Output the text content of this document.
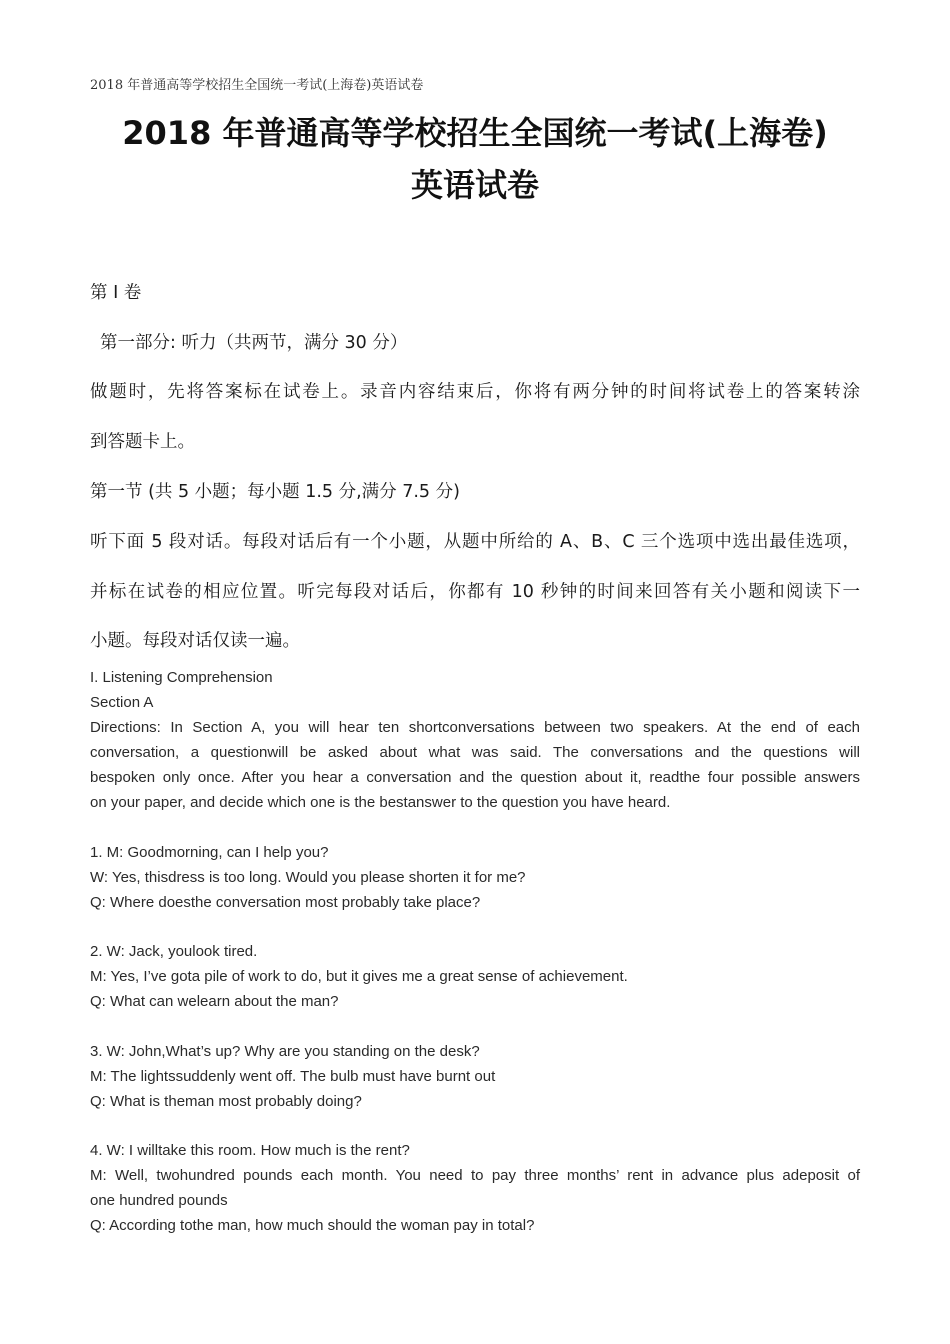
2018 年普通高等学校招生全国统一考试(上海卷)英语试卷
2018 年普通高等学校招生全国统一考试(上海卷)
英语试卷
第 I 卷
第一部分: 听力（共两节，满分 30 分）
做题时，先将答案标在试卷上。录音内容结束后，你将有两分钟的时间将试卷上的答案转涂
到答题卡上。
第一节 (共 5 小题；每小题 1.5 分,满分 7.5 分)
听下面 5 段对话。每段对话后有一个小题，从题中所给的 A、B、C 三个选项中选出最佳选项，
并标在试卷的相应位置。听完每段对话后，你都有 10 秒钟的时间来回答有关小题和阅读下一
小题。每段对话仅读一遍。
I. Listening Comprehension
Section A
Directions: In Section A, you will hear ten shortconversations between two speakers. At the end of each
conversation, a questionwill be asked about what was said. The conversations and the questions will
bespoken only once. After you hear a conversation and the question about it, readthe four possible answers
on your paper, and decide which one is the bestanswer to the question you have heard.
1. M: Goodmorning, can I help you?
W: Yes, thisdress is too long. Would you please shorten it for me?
Q: Where doesthe conversation most probably take place?
2. W: Jack, youlook tired.
M: Yes, I’ve gota pile of work to do, but it gives me a great sense of achievement.
Q: What can welearn about the man?
3. W: John,What’s up? Why are you standing on the desk?
M: The lightssuddenly went off. The bulb must have burnt out
Q: What is theman most probably doing?
4. W: I willtake this room. How much is the rent?
M: Well, twohundred pounds each month. You need to pay three months’ rent in advance plus adeposit of
one hundred pounds
Q: According tothe man, how much should the woman pay in total?
